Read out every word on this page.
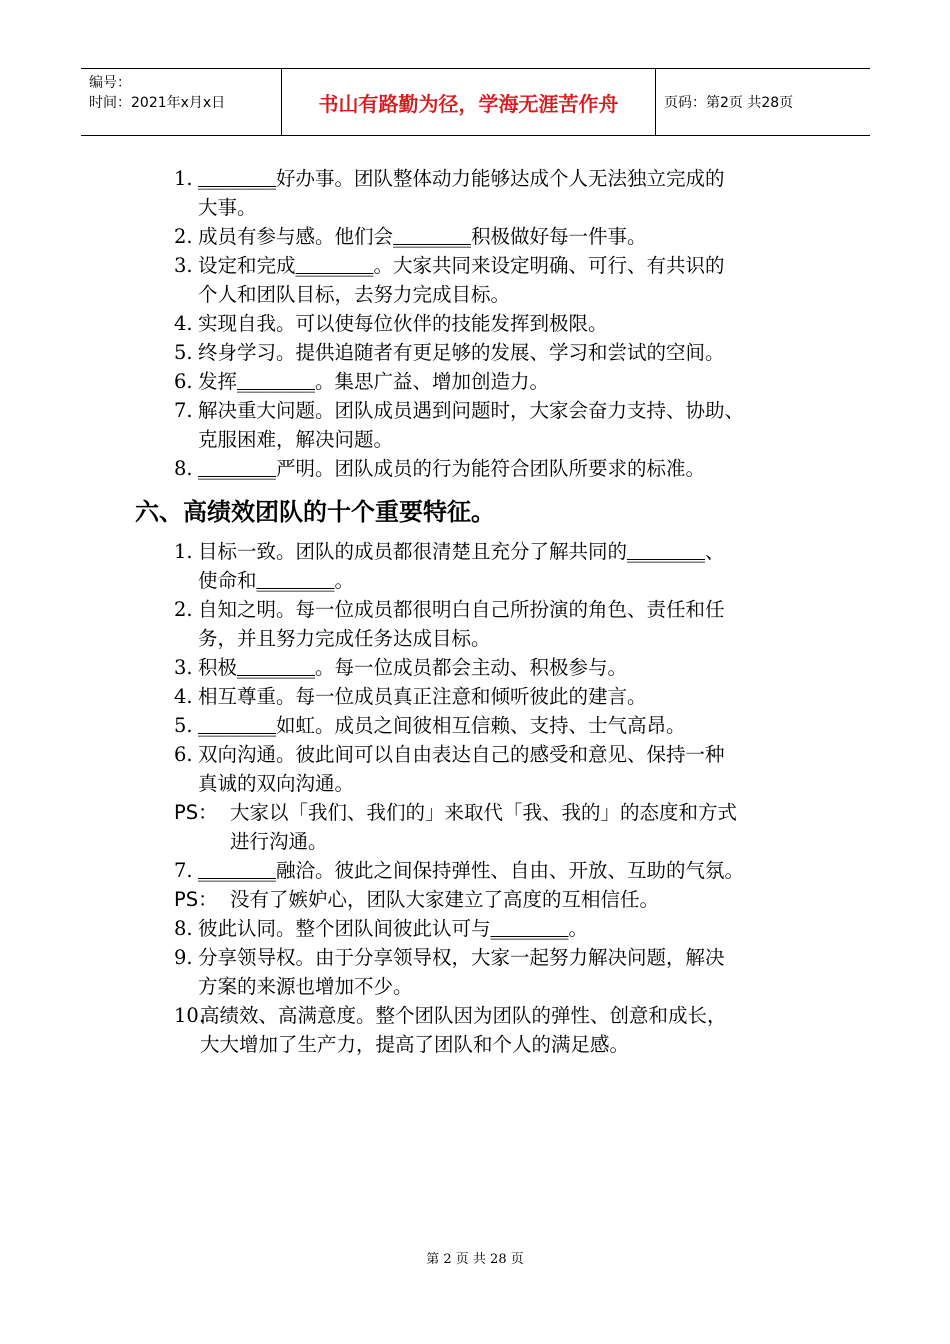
编号：
时间：2021年x月x日	书山有路勤为径，学海无涯苦作舟	页码：第2页 共28页
1. ________好办事。团队整体动力能够达成个人无法独立完成的
大事。
2. 成员有参与感。他们会________积极做好每一件事。
3. 设定和完成________。大家共同来设定明确、可行、有共识的
个人和团队目标，去努力完成目标。
4. 实现自我。可以使每位伙伴的技能发挥到极限。
5. 终身学习。提供追随者有更足够的发展、学习和尝试的空间。
6. 发挥________。集思广益、增加创造力。
7. 解决重大问题。团队成员遇到问题时，大家会奋力支持、协助、
克服困难，解决问题。
8. ________严明。团队成员的行为能符合团队所要求的标准。
六、高绩效团队的十个重要特征。
1. 目标一致。团队的成员都很清楚且充分了解共同的________、
使命和________。
2. 自知之明。每一位成员都很明白自己所扮演的角色、责任和任
务，并且努力完成任务达成目标。
3. 积极________。每一位成员都会主动、积极参与。
4. 相互尊重。每一位成员真正注意和倾听彼此的建言。
5. ________如虹。成员之间彼相互信赖、支持、士气高昂。
6. 双向沟通。彼此间可以自由表达自己的感受和意见、保持一种
真诚的双向沟通。
PS： 大家以「我们、我们的」来取代「我、我的」的态度和方式
进行沟通。
7. ________融洽。彼此之间保持弹性、自由、开放、互助的气氛。
PS： 没有了嫉妒心，团队大家建立了高度的互相信任。
8. 彼此认同。整个团队间彼此认可与________。
9. 分享领导权。由于分享领导权，大家一起努力解决问题，解决
方案的来源也增加不少。
10.
高绩效、高满意度。整个团队因为团队的弹性、创意和成长，
大大增加了生产力，提高了团队和个人的满足感。
第 2 页 共 28 页
